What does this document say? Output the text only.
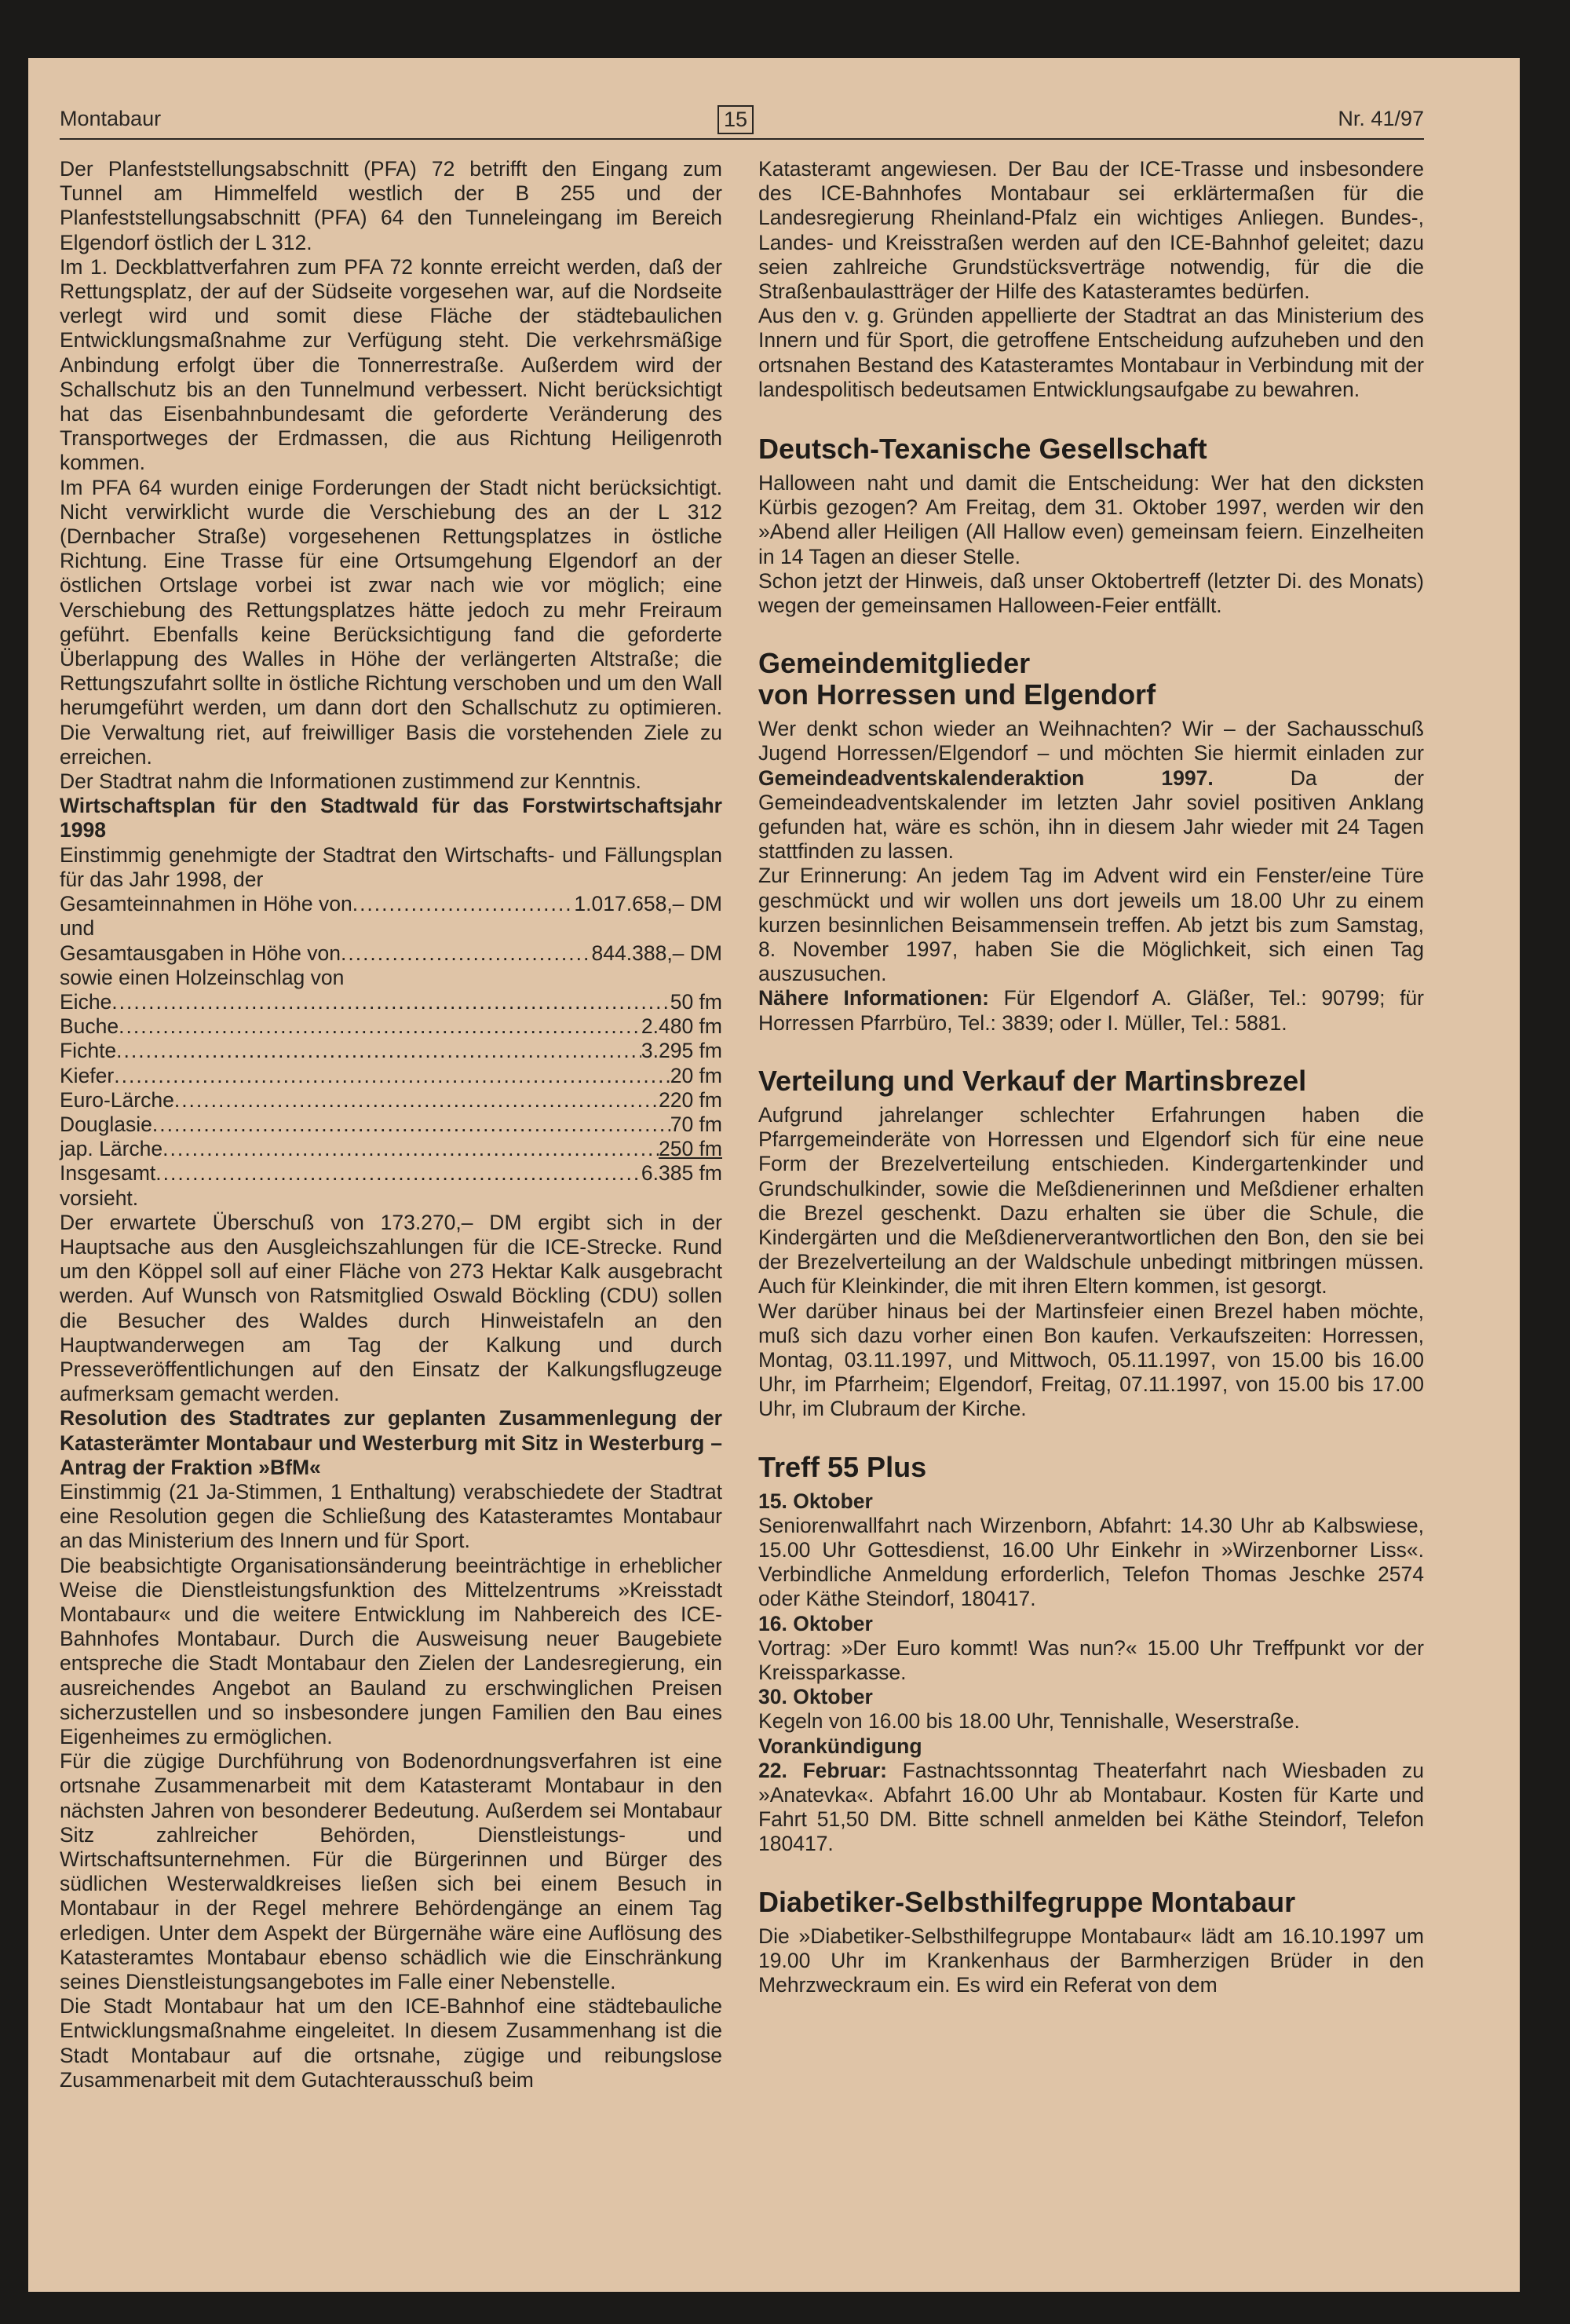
Montabaur	15	Nr. 41/97

Der Planfeststellungsabschnitt (PFA) 72 betrifft den Eingang zum Tunnel am Himmelfeld westlich der B 255 und der Planfeststellungsabschnitt (PFA) 64 den Tunneleingang im Bereich Elgendorf östlich der L 312.

Im 1. Deckblattverfahren zum PFA 72 konnte erreicht werden, daß der Rettungsplatz, der auf der Südseite vorgesehen war, auf die Nordseite verlegt wird und somit diese Fläche der städtebaulichen Entwicklungsmaßnahme zur Verfügung steht. Die verkehrsmäßige Anbindung erfolgt über die Tonnerrestraße. Außerdem wird der Schallschutz bis an den Tunnelmund verbessert. Nicht berücksichtigt hat das Eisenbahnbundesamt die geforderte Veränderung des Transportweges der Erdmassen, die aus Richtung Heiligenroth kommen.

Im PFA 64 wurden einige Forderungen der Stadt nicht berücksichtigt. Nicht verwirklicht wurde die Verschiebung des an der L 312 (Dernbacher Straße) vorgesehenen Rettungsplatzes in östliche Richtung. Eine Trasse für eine Ortsumgehung Elgendorf an der östlichen Ortslage vorbei ist zwar nach wie vor möglich; eine Verschiebung des Rettungsplatzes hätte jedoch zu mehr Freiraum geführt. Ebenfalls keine Berücksichtigung fand die geforderte Überlappung des Walles in Höhe der verlängerten Altstraße; die Rettungszufahrt sollte in östliche Richtung verschoben und um den Wall herumgeführt werden, um dann dort den Schallschutz zu optimieren. Die Verwaltung riet, auf freiwilliger Basis die vorstehenden Ziele zu erreichen.

Der Stadtrat nahm die Informationen zustimmend zur Kenntnis.

Wirtschaftsplan für den Stadtwald für das Forstwirtschaftsjahr 1998

Einstimmig genehmigte der Stadtrat den Wirtschafts- und Fällungsplan für das Jahr 1998, der

Gesamteinnahmen in Höhe von .....	1.017.658,– DM

und

Gesamtausgaben in Höhe von .....	844.388,– DM

sowie einen Holzeinschlag von

Eiche .....	50 fm
Buche .....	2.480 fm
Fichte .....	3.295 fm
Kiefer .....	20 fm
Euro-Lärche .....	220 fm
Douglasie .....	70 fm
jap. Lärche .....	250 fm
Insgesamt .....	6.385 fm

vorsieht.

Der erwartete Überschuß von 173.270,– DM ergibt sich in der Hauptsache aus den Ausgleichszahlungen für die ICE-Strecke. Rund um den Köppel soll auf einer Fläche von 273 Hektar Kalk ausgebracht werden. Auf Wunsch von Ratsmitglied Oswald Böckling (CDU) sollen die Besucher des Waldes durch Hinweistafeln an den Hauptwanderwegen am Tag der Kalkung und durch Presseveröffentlichungen auf den Einsatz der Kalkungsflugzeuge aufmerksam gemacht werden.

Resolution des Stadtrates zur geplanten Zusammenlegung der Katasterämter Montabaur und Westerburg mit Sitz in Westerburg – Antrag der Fraktion »BfM«

Einstimmig (21 Ja-Stimmen, 1 Enthaltung) verabschiedete der Stadtrat eine Resolution gegen die Schließung des Katasteramtes Montabaur an das Ministerium des Innern und für Sport.

Die beabsichtigte Organisationsänderung beeinträchtige in erheblicher Weise die Dienstleistungsfunktion des Mittelzentrums »Kreisstadt Montabaur« und die weitere Entwicklung im Nahbereich des ICE-Bahnhofes Montabaur. Durch die Ausweisung neuer Baugebiete entspreche die Stadt Montabaur den Zielen der Landesregierung, ein ausreichendes Angebot an Bauland zu erschwinglichen Preisen sicherzustellen und so insbesondere jungen Familien den Bau eines Eigenheimes zu ermöglichen.

Für die zügige Durchführung von Bodenordnungsverfahren ist eine ortsnahe Zusammenarbeit mit dem Katasteramt Montabaur in den nächsten Jahren von besonderer Bedeutung. Außerdem sei Montabaur Sitz zahlreicher Behörden, Dienstleistungs- und Wirtschaftsunternehmen. Für die Bürgerinnen und Bürger des südlichen Westerwaldkreises ließen sich bei einem Besuch in Montabaur in der Regel mehrere Behördengänge an einem Tag erledigen. Unter dem Aspekt der Bürgernähe wäre eine Auflösung des Katasteramtes Montabaur ebenso schädlich wie die Einschränkung seines Dienstleistungsangebotes im Falle einer Nebenstelle.

Die Stadt Montabaur hat um den ICE-Bahnhof eine städtebauliche Entwicklungsmaßnahme eingeleitet. In diesem Zusammenhang ist die Stadt Montabaur auf die ortsnahe, zügige und reibungslose Zusammenarbeit mit dem Gutachterausschuß beim

Katasteramt angewiesen. Der Bau der ICE-Trasse und insbesondere des ICE-Bahnhofes Montabaur sei erklärtermaßen für die Landesregierung Rheinland-Pfalz ein wichtiges Anliegen. Bundes-, Landes- und Kreisstraßen werden auf den ICE-Bahnhof geleitet; dazu seien zahlreiche Grundstücksverträge notwendig, für die die Straßenbaulastträger der Hilfe des Katasteramtes bedürfen.

Aus den v. g. Gründen appellierte der Stadtrat an das Ministerium des Innern und für Sport, die getroffene Entscheidung aufzuheben und den ortsnahen Bestand des Katasteramtes Montabaur in Verbindung mit der landespolitisch bedeutsamen Entwicklungsaufgabe zu bewahren.

Deutsch-Texanische Gesellschaft

Halloween naht und damit die Entscheidung: Wer hat den dicksten Kürbis gezogen? Am Freitag, dem 31. Oktober 1997, werden wir den »Abend aller Heiligen (All Hallow even) gemeinsam feiern. Einzelheiten in 14 Tagen an dieser Stelle.

Schon jetzt der Hinweis, daß unser Oktobertreff (letzter Di. des Monats) wegen der gemeinsamen Halloween-Feier entfällt.

Gemeindemitglieder
von Horressen und Elgendorf

Wer denkt schon wieder an Weihnachten? Wir – der Sachausschuß Jugend Horressen/Elgendorf – und möchten Sie hiermit einladen zur Gemeindeadventskalenderaktion 1997. Da der Gemeindeadventskalender im letzten Jahr soviel positiven Anklang gefunden hat, wäre es schön, ihn in diesem Jahr wieder mit 24 Tagen stattfinden zu lassen.

Zur Erinnerung: An jedem Tag im Advent wird ein Fenster/eine Türe geschmückt und wir wollen uns dort jeweils um 18.00 Uhr zu einem kurzen besinnlichen Beisammensein treffen. Ab jetzt bis zum Samstag, 8. November 1997, haben Sie die Möglichkeit, sich einen Tag auszusuchen.

Nähere Informationen: Für Elgendorf A. Gläßer, Tel.: 90799; für Horressen Pfarrbüro, Tel.: 3839; oder I. Müller, Tel.: 5881.

Verteilung und Verkauf der Martinsbrezel

Aufgrund jahrelanger schlechter Erfahrungen haben die Pfarrgemeinderäte von Horressen und Elgendorf sich für eine neue Form der Brezelverteilung entschieden. Kindergartenkinder und Grundschulkinder, sowie die Meßdienerinnen und Meßdiener erhalten die Brezel geschenkt. Dazu erhalten sie über die Schule, die Kindergärten und die Meßdienerverantwortlichen den Bon, den sie bei der Brezelverteilung an der Waldschule unbedingt mitbringen müssen. Auch für Kleinkinder, die mit ihren Eltern kommen, ist gesorgt.

Wer darüber hinaus bei der Martinsfeier einen Brezel haben möchte, muß sich dazu vorher einen Bon kaufen. Verkaufszeiten: Horressen, Montag, 03.11.1997, und Mittwoch, 05.11.1997, von 15.00 bis 16.00 Uhr, im Pfarrheim; Elgendorf, Freitag, 07.11.1997, von 15.00 bis 17.00 Uhr, im Clubraum der Kirche.

Treff 55 Plus

15. Oktober

Seniorenwallfahrt nach Wirzenborn, Abfahrt: 14.30 Uhr ab Kalbswiese, 15.00 Uhr Gottesdienst, 16.00 Uhr Einkehr in »Wirzenborner Liss«. Verbindliche Anmeldung erforderlich, Telefon Thomas Jeschke 2574 oder Käthe Steindorf, 180417.

16. Oktober

Vortrag: »Der Euro kommt! Was nun?« 15.00 Uhr Treffpunkt vor der Kreissparkasse.

30. Oktober

Kegeln von 16.00 bis 18.00 Uhr, Tennishalle, Weserstraße.

Vorankündigung

22. Februar: Fastnachtssonntag Theaterfahrt nach Wiesbaden zu »Anatevka«. Abfahrt 16.00 Uhr ab Montabaur. Kosten für Karte und Fahrt 51,50 DM. Bitte schnell anmelden bei Käthe Steindorf, Telefon 180417.

Diabetiker-Selbsthilfegruppe Montabaur

Die »Diabetiker-Selbsthilfegruppe Montabaur« lädt am 16.10.1997 um 19.00 Uhr im Krankenhaus der Barmherzigen Brüder in den Mehrzweckraum ein. Es wird ein Referat von dem
